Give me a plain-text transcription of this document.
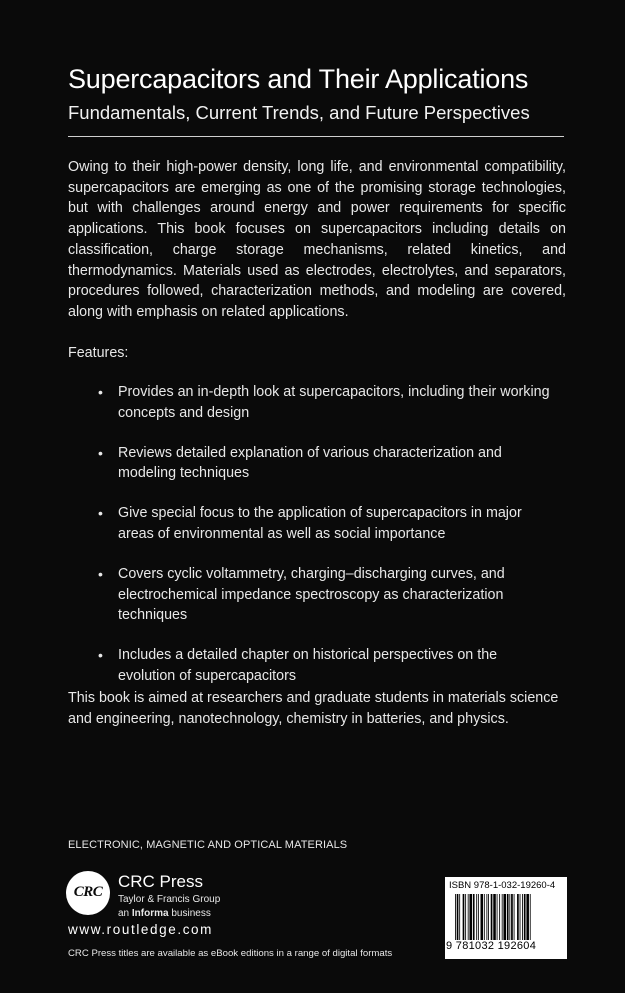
Supercapacitors and Their Applications
Fundamentals, Current Trends, and Future Perspectives

Owing to their high-power density, long life, and environmental compatibility, supercapacitors are emerging as one of the promising storage technologies, but with challenges around energy and power requirements for specific applications. This book focuses on supercapacitors including details on classification, charge storage mechanisms, related kinetics, and thermodynamics. Materials used as electrodes, electrolytes, and separators, procedures followed, characterization methods, and modeling are covered, along with emphasis on related applications.

Features:
• Provides an in-depth look at supercapacitors, including their working concepts and design
• Reviews detailed explanation of various characterization and modeling techniques
• Give special focus to the application of supercapacitors in major areas of environmental as well as social importance
• Covers cyclic voltammetry, charging–discharging curves, and electrochemical impedance spectroscopy as characterization techniques
• Includes a detailed chapter on historical perspectives on the evolution of supercapacitors

This book is aimed at researchers and graduate students in materials science and engineering, nanotechnology, chemistry in batteries, and physics.

ELECTRONIC, MAGNETIC AND OPTICAL MATERIALS
CRC
CRC Press
Taylor & Francis Group
an Informa business
www.routledge.com
CRC Press titles are available as eBook editions in a range of digital formats
ISBN 978-1-032-19260-4
9 781032 192604
